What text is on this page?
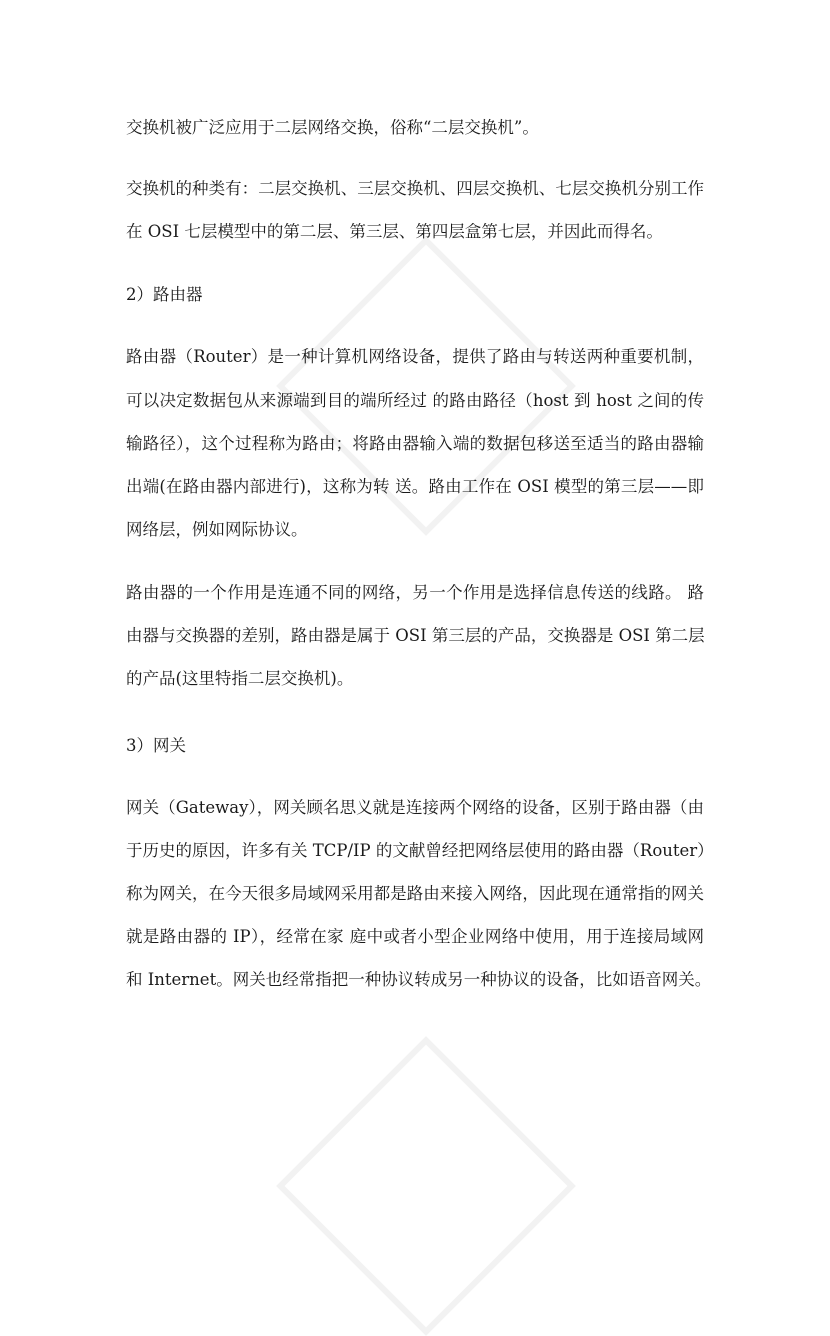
交换机被广泛应用于二层网络交换，俗称“二层交换机”。
交换机的种类有：二层交换机、三层交换机、四层交换机、七层交换机分别工作
在 OSI 七层模型中的第二层、第三层、第四层盒第七层，并因此而得名。
2）路由器
路由器（Router）是一种计算机网络设备，提供了路由与转送两种重要机制，
可以决定数据包从来源端到目的端所经过 的路由路径（host 到 host 之间的传
输路径），这个过程称为路由；将路由器输入端的数据包移送至适当的路由器输
出端(在路由器内部进行)，这称为转 送。路由工作在 OSI 模型的第三层——即
网络层，例如网际协议。
路由器的一个作用是连通不同的网络，另一个作用是选择信息传送的线路。 路
由器与交换器的差别，路由器是属于 OSI 第三层的产品，交换器是 OSI 第二层
的产品(这里特指二层交换机)。
3）网关
网关（Gateway），网关顾名思义就是连接两个网络的设备，区别于路由器（由
于历史的原因，许多有关 TCP/IP 的文献曾经把网络层使用的路由器（Router）
称为网关，在今天很多局域网采用都是路由来接入网络，因此现在通常指的网关
就是路由器的 IP），经常在家 庭中或者小型企业网络中使用，用于连接局域网
和 Internet。网关也经常指把一种协议转成另一种协议的设备，比如语音网关。
